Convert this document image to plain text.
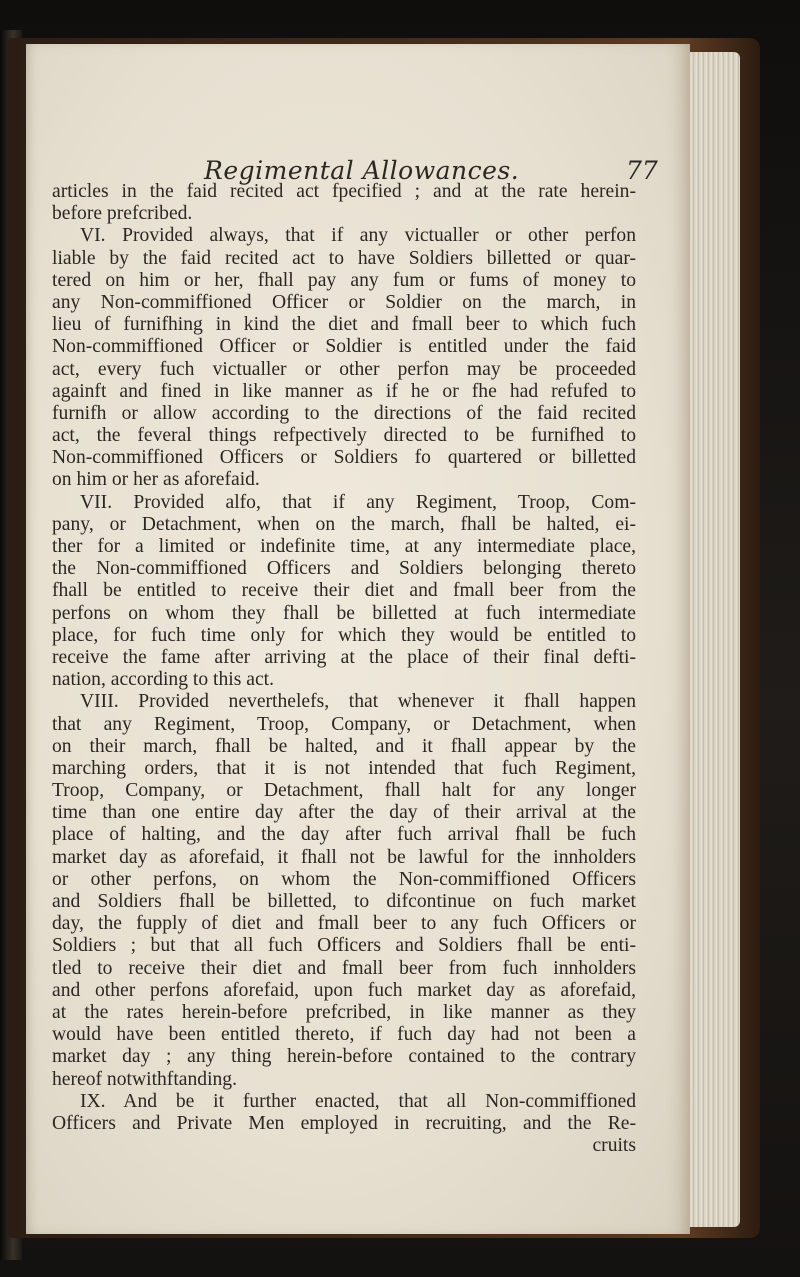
Regimental Allowances.	77
articles in the faid recited act fpecified ; and at the rate herein-
before prefcribed.
VI. Provided always, that if any victualler or other perfon
liable by the faid recited act to have Soldiers billetted or quar-
tered on him or her, fhall pay any fum or fums of money to
any Non-commiffioned Officer or Soldier on the march, in
lieu of furnifhing in kind the diet and fmall beer to which fuch
Non-commiffioned Officer or Soldier is entitled under the faid
act, every fuch victualler or other perfon may be proceeded
againft and fined in like manner as if he or fhe had refufed to
furnifh or allow according to the directions of the faid recited
act, the feveral things refpectively directed to be furnifhed to
Non-commiffioned Officers or Soldiers fo quartered or billetted
on him or her as aforefaid.
VII. Provided alfo, that if any Regiment, Troop, Com-
pany, or Detachment, when on the march, fhall be halted, ei-
ther for a limited or indefinite time, at any intermediate place,
the Non-commiffioned Officers and Soldiers belonging thereto
fhall be entitled to receive their diet and fmall beer from the
perfons on whom they fhall be billetted at fuch intermediate
place, for fuch time only for which they would be entitled to
receive the fame after arriving at the place of their final defti-
nation, according to this act.
VIII. Provided neverthelefs, that whenever it fhall happen
that any Regiment, Troop, Company, or Detachment, when
on their march, fhall be halted, and it fhall appear by the
marching orders, that it is not intended that fuch Regiment,
Troop, Company, or Detachment, fhall halt for any longer
time than one entire day after the day of their arrival at the
place of halting, and the day after fuch arrival fhall be fuch
market day as aforefaid, it fhall not be lawful for the innholders
or other perfons, on whom the Non-commiffioned Officers
and Soldiers fhall be billetted, to difcontinue on fuch market
day, the fupply of diet and fmall beer to any fuch Officers or
Soldiers ; but that all fuch Officers and Soldiers fhall be enti-
tled to receive their diet and fmall beer from fuch innholders
and other perfons aforefaid, upon fuch market day as aforefaid,
at the rates herein-before prefcribed, in like manner as they
would have been entitled thereto, if fuch day had not been a
market day ; any thing herein-before contained to the contrary
hereof notwithftanding.
IX. And be it further enacted, that all Non-commiffioned
Officers and Private Men employed in recruiting, and the Re-
cruits
